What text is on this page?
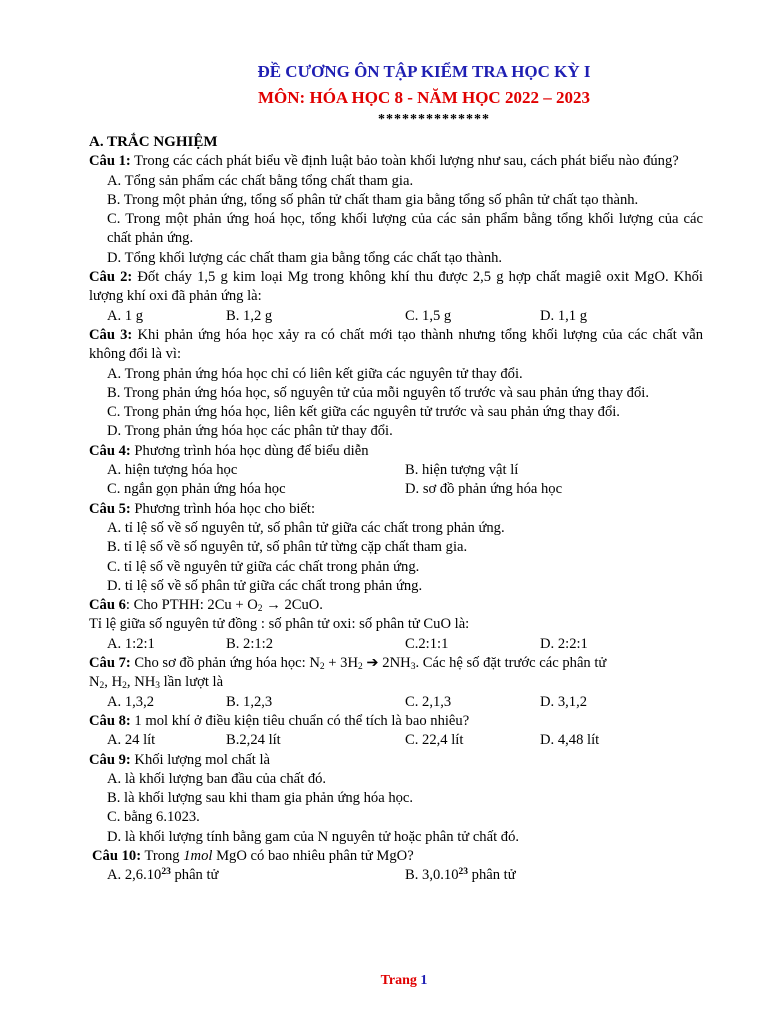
ĐỀ CƯƠNG ÔN TẬP KIỂM TRA HỌC KỲ I
MÔN: HÓA HỌC 8 - NĂM HỌC 2022 – 2023
**************
A. TRẮC NGHIỆM
Câu 1: Trong các cách phát biểu về định luật bảo toàn khối lượng như sau, cách phát biểu nào đúng?
A. Tổng sản phẩm các chất bằng tổng chất tham gia.
B. Trong một phản ứng, tổng số phân tử chất tham gia bằng tổng số phân tử chất tạo thành.
C. Trong một phản ứng hoá học, tổng khối lượng của các sản phẩm bằng tổng khối lượng của các chất phản ứng.
D. Tổng khối lượng các chất tham gia bằng tổng các chất tạo thành.
Câu 2: Đốt cháy 1,5 g kim loại Mg trong không khí thu được 2,5 g hợp chất magiê oxit MgO. Khối lượng khí oxi đã phản ứng là:
A. 1 g	B. 1,2 g	C. 1,5 g	D. 1,1 g
Câu 3: Khi phản ứng hóa học xảy ra có chất mới tạo thành nhưng tổng khối lượng của các chất vẫn không đổi là vì:
A. Trong phản ứng hóa học chỉ có liên kết giữa các nguyên tử thay đổi.
B. Trong phản ứng hóa học, số nguyên tử của mỗi nguyên tố trước và sau phản ứng thay đổi.
C. Trong phản ứng hóa học, liên kết giữa các nguyên tử trước và sau phản ứng thay đổi.
D. Trong phản ứng hóa học các phân tử thay đổi.
Câu 4: Phương trình hóa học dùng để biểu diễn
A. hiện tượng hóa học	B. hiện tượng vật lí
C. ngắn gọn phản ứng hóa học	D. sơ đồ phản ứng hóa học
Câu 5: Phương trình hóa học cho biết:
A. tỉ lệ số về số nguyên tử, số phân tử giữa các chất trong phản ứng.
B. tỉ lệ số về số nguyên tử, số phân tử từng cặp chất tham gia.
C. tỉ lệ số về nguyên tử giữa các chất trong phản ứng.
D. tỉ lệ số về số phân tử giữa các chất trong phản ứng.
Câu 6: Cho PTHH: $2Cu + O_2 \to 2CuO$.
Tỉ lệ giữa số nguyên tử đồng : số phân tử oxi: số phân tử CuO là:
A. 1:2:1	B. 2:1:2	C.2:1:1	D. 2:2:1
Câu 7: Cho sơ đồ phản ứng hóa học: $N_2 + 3H_2$ ➔ $2NH_3$. Các hệ số đặt trước các phân tử
$N_2$, $H_2$, $NH_3$ lần lượt là
A. 1,3,2	B. 1,2,3	C. 2,1,3	D. 3,1,2
Câu 8: 1 mol khí ở điều kiện tiêu chuẩn có thể tích là bao nhiêu?
A. 24 lít	B.2,24 lít	C. 22,4 lít	D. 4,48 lít
Câu 9: Khối lượng mol chất là
A. là khối lượng ban đầu của chất đó.
B. là khối lượng sau khi tham gia phản ứng hóa học.
C. bằng 6.1023.
D. là khối lượng tính bằng gam của N nguyên tử hoặc phân tử chất đó.
Câu 10: Trong 1mol MgO có bao nhiêu phân tử MgO?
A. 2,6.10$^{23}$ phân tử	B. 3,0.10$^{23}$ phân tử
Trang 1
